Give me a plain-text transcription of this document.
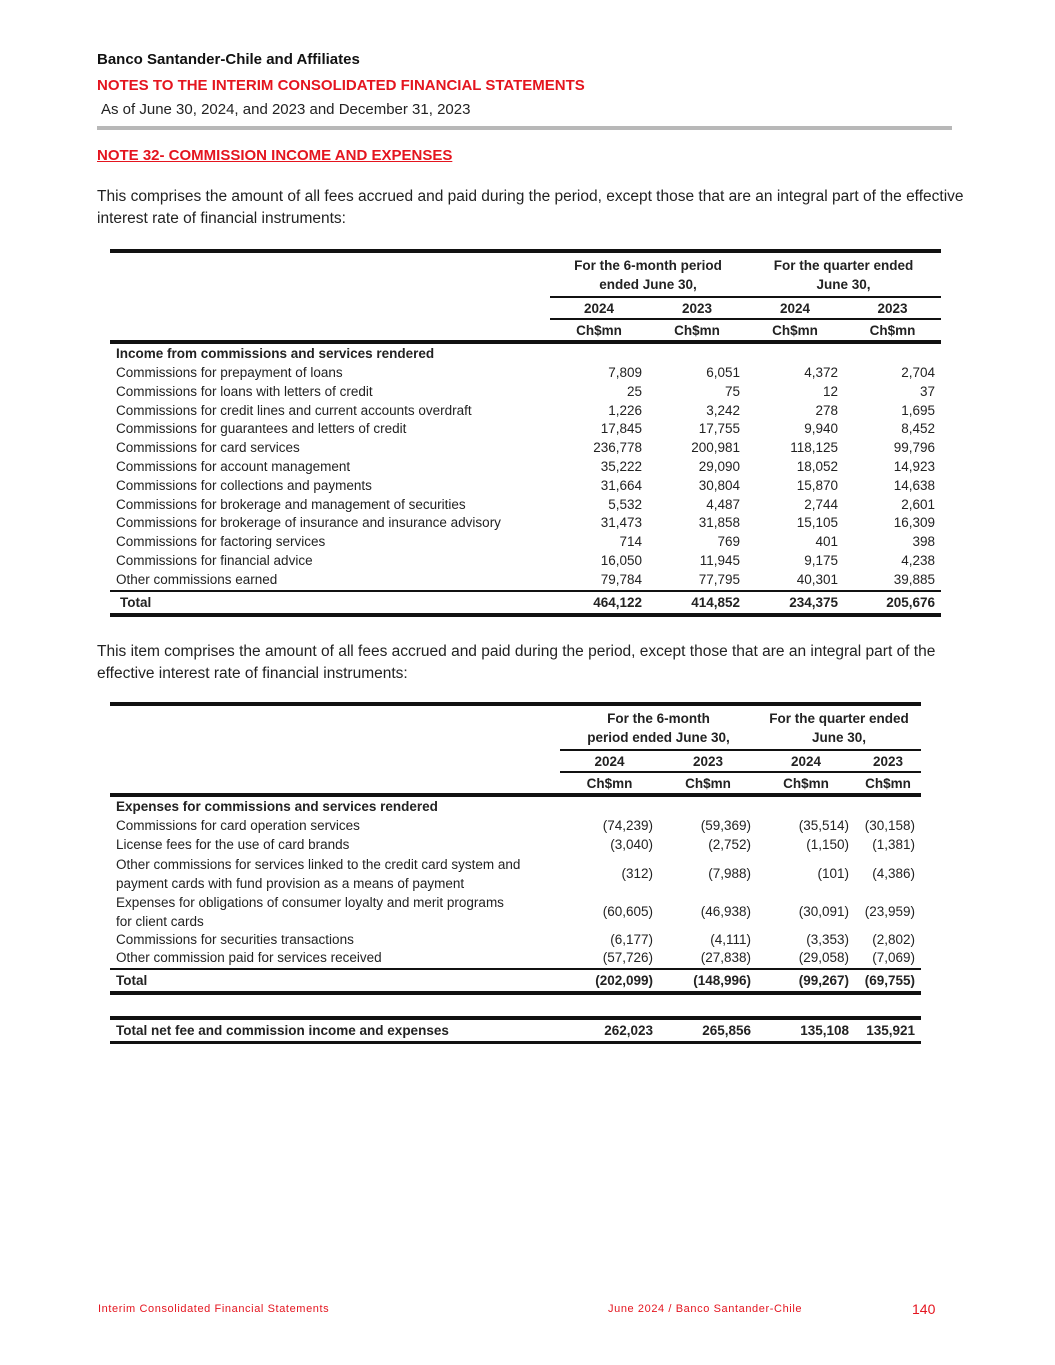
Banco Santander-Chile and Affiliates
NOTES TO THE INTERIM CONSOLIDATED FINANCIAL STATEMENTS
As of June 30, 2024, and 2023 and December 31, 2023
NOTE 32- COMMISSION INCOME AND EXPENSES
This comprises the amount of all fees accrued and paid during the period, except those that are an integral part of the effective interest rate of financial instruments:
	For the 6-month period ended June 30,		For the quarter ended June 30,	
	2024	2023	2024	2023
	Ch$mn	Ch$mn	Ch$mn	Ch$mn
Income from commissions and services rendered				
Commissions for prepayment of loans	7,809	6,051	4,372	2,704
Commissions for loans with letters of credit	25	75	12	37
Commissions for credit lines and current accounts overdraft	1,226	3,242	278	1,695
Commissions for guarantees and letters of credit	17,845	17,755	9,940	8,452
Commissions for card services	236,778	200,981	118,125	99,796
Commissions for account management	35,222	29,090	18,052	14,923
Commissions for collections and payments	31,664	30,804	15,870	14,638
Commissions for brokerage and management of securities	5,532	4,487	2,744	2,601
Commissions for brokerage of insurance and insurance advisory	31,473	31,858	15,105	16,309
Commissions for factoring services	714	769	401	398
Commissions for financial advice	16,050	11,945	9,175	4,238
Other commissions earned	79,784	77,795	40,301	39,885
Total	464,122	414,852	234,375	205,676
This item comprises the amount of all fees accrued and paid during the period, except those that are an integral part of the effective interest rate of financial instruments:

For the 6-month
period ended June 30,

For the quarter ended
June 30,

	2024	2023	2024	2023
	Ch$mn	Ch$mn	Ch$mn	Ch$mn
Expenses for commissions and services rendered				
Commissions for card operation services	(74,239)	(59,369)	(35,514)	(30,158)
License fees for the use of card brands	(3,040)	(2,752)	(1,150)	(1,381)

Other commissions for services linked to the credit card system and
payment cards with fund provision as a means of payment	(312)	(7,988)	(101)	(4,386)

Expenses for obligations of consumer loyalty and merit programs
for client cards	(60,605)	(46,938)	(30,091)	(23,959)
Commissions for securities transactions	(6,177)	(4,111)	(3,353)	(2,802)
Other commission paid for services received	(57,726)	(27,838)	(29,058)	(7,069)
Total	(202,099)	(148,996)	(99,267)	(69,755)

Total net fee and commission income and expenses	262,023	265,856	135,108	135,921
Interim Consolidated Financial Statements	June 2024 / Banco Santander-Chile	140
